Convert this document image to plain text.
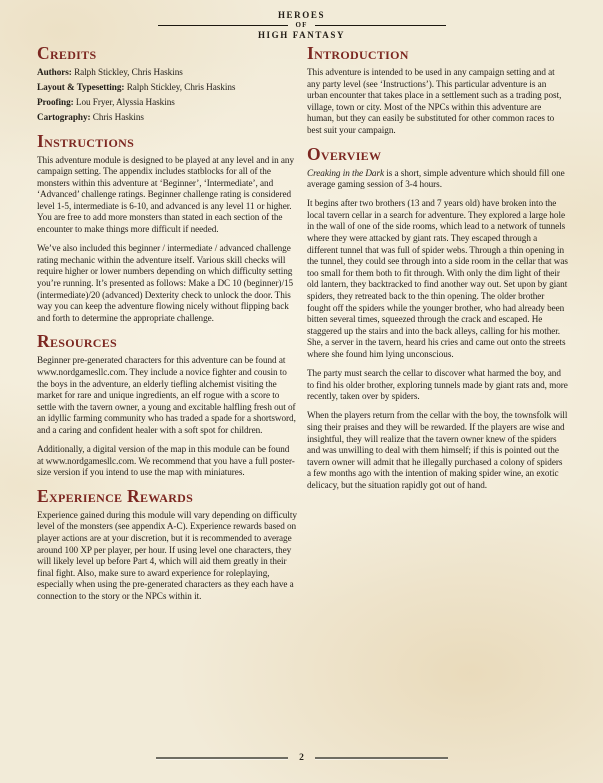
HEROES
OF
HIGH FANTASY
Credits

Authors: Ralph Stickley, Chris Haskins

Layout & Typesetting: Ralph Stickley, Chris Haskins

Proofing: Lou Fryer, Alyssia Haskins

Cartography: Chris Haskins

Instructions

This adventure module is designed to be played at any level and in any campaign setting. The appendix includes statblocks for all of the monsters within this adventure at ‘Beginner’, ‘Intermediate’, and ‘Advanced’ challenge ratings. Beginner challenge rating is considered level 1-5, intermediate is 6-10, and advanced is any level 11 or higher. You are free to add more monsters than stated in each section of the encounter to make things more difficult if needed.

We’ve also included this beginner / intermediate / advanced challenge rating mechanic within the adventure itself. Various skill checks will require higher or lower numbers depending on which difficulty setting you’re running. It’s presented as follows: Make a DC 10 (beginner)/15 (intermediate)/20 (advanced) Dexterity check to unlock the door. This way you can keep the adventure flowing nicely without flipping back and forth to determine the appropriate challenge.

Resources

Beginner pre-generated characters for this adventure can be found at www.nordgamesllc.com. They include a novice fighter and cousin to the boys in the adventure, an elderly tiefling alchemist visiting the market for rare and unique ingredients, an elf rogue with a score to settle with the tavern owner, a young and excitable halfling fresh out of an idyllic farming community who has traded a spade for a shortsword, and a caring and confident healer with a soft spot for children.

Additionally, a digital version of the map in this module can be found at www.nordgamesllc.com. We recommend that you have a full poster-size version if you intend to use the map with miniatures.

Experience Rewards

Experience gained during this module will vary depending on difficulty level of the monsters (see appendix A-C). Experience rewards based on player actions are at your discretion, but it is recommended to average around 100 XP per player, per hour. If using level one characters, they will likely level up before Part 4, which will aid them greatly in their final fight. Also, make sure to award experience for roleplaying, especially when using the pre-generated characters as they each have a connection to the story or the NPCs within it.

Introduction

This adventure is intended to be used in any campaign setting and at any party level (see ‘Instructions’). This particular adventure is an urban encounter that takes place in a settlement such as a trading post, village, town or city. Most of the NPCs within this adventure are human, but they can easily be substituted for other common races to best suit your campaign.

Overview

Creaking in the Dark is a short, simple adventure which should fill one average gaming session of 3-4 hours.

It begins after two brothers (13 and 7 years old) have broken into the local tavern cellar in a search for adventure. They explored a large hole in the wall of one of the side rooms, which lead to a network of tunnels where they were attacked by giant rats. They escaped through a different tunnel that was full of spider webs. Through a thin opening in the tunnel, they could see through into a side room in the cellar that was too small for them both to fit through. With only the dim light of their old lantern, they backtracked to find another way out. Set upon by giant spiders, they retreated back to the thin opening. The older brother fought off the spiders while the younger brother, who had already been bitten several times, squeezed through the crack and escaped. He staggered up the stairs and into the back alleys, calling for his mother. She, a server in the tavern, heard his cries and came out onto the streets where she found him lying unconscious.

The party must search the cellar to discover what harmed the boy, and to find his older brother, exploring tunnels made by giant rats and, more recently, taken over by spiders.

When the players return from the cellar with the boy, the townsfolk will sing their praises and they will be rewarded. If the players are wise and insightful, they will realize that the tavern owner knew of the spiders and was unwilling to deal with them himself; if this is pointed out the tavern owner will admit that he illegally purchased a colony of spiders a few months ago with the intention of making spider wine, an exotic delicacy, but the situation rapidly got out of hand.

2
